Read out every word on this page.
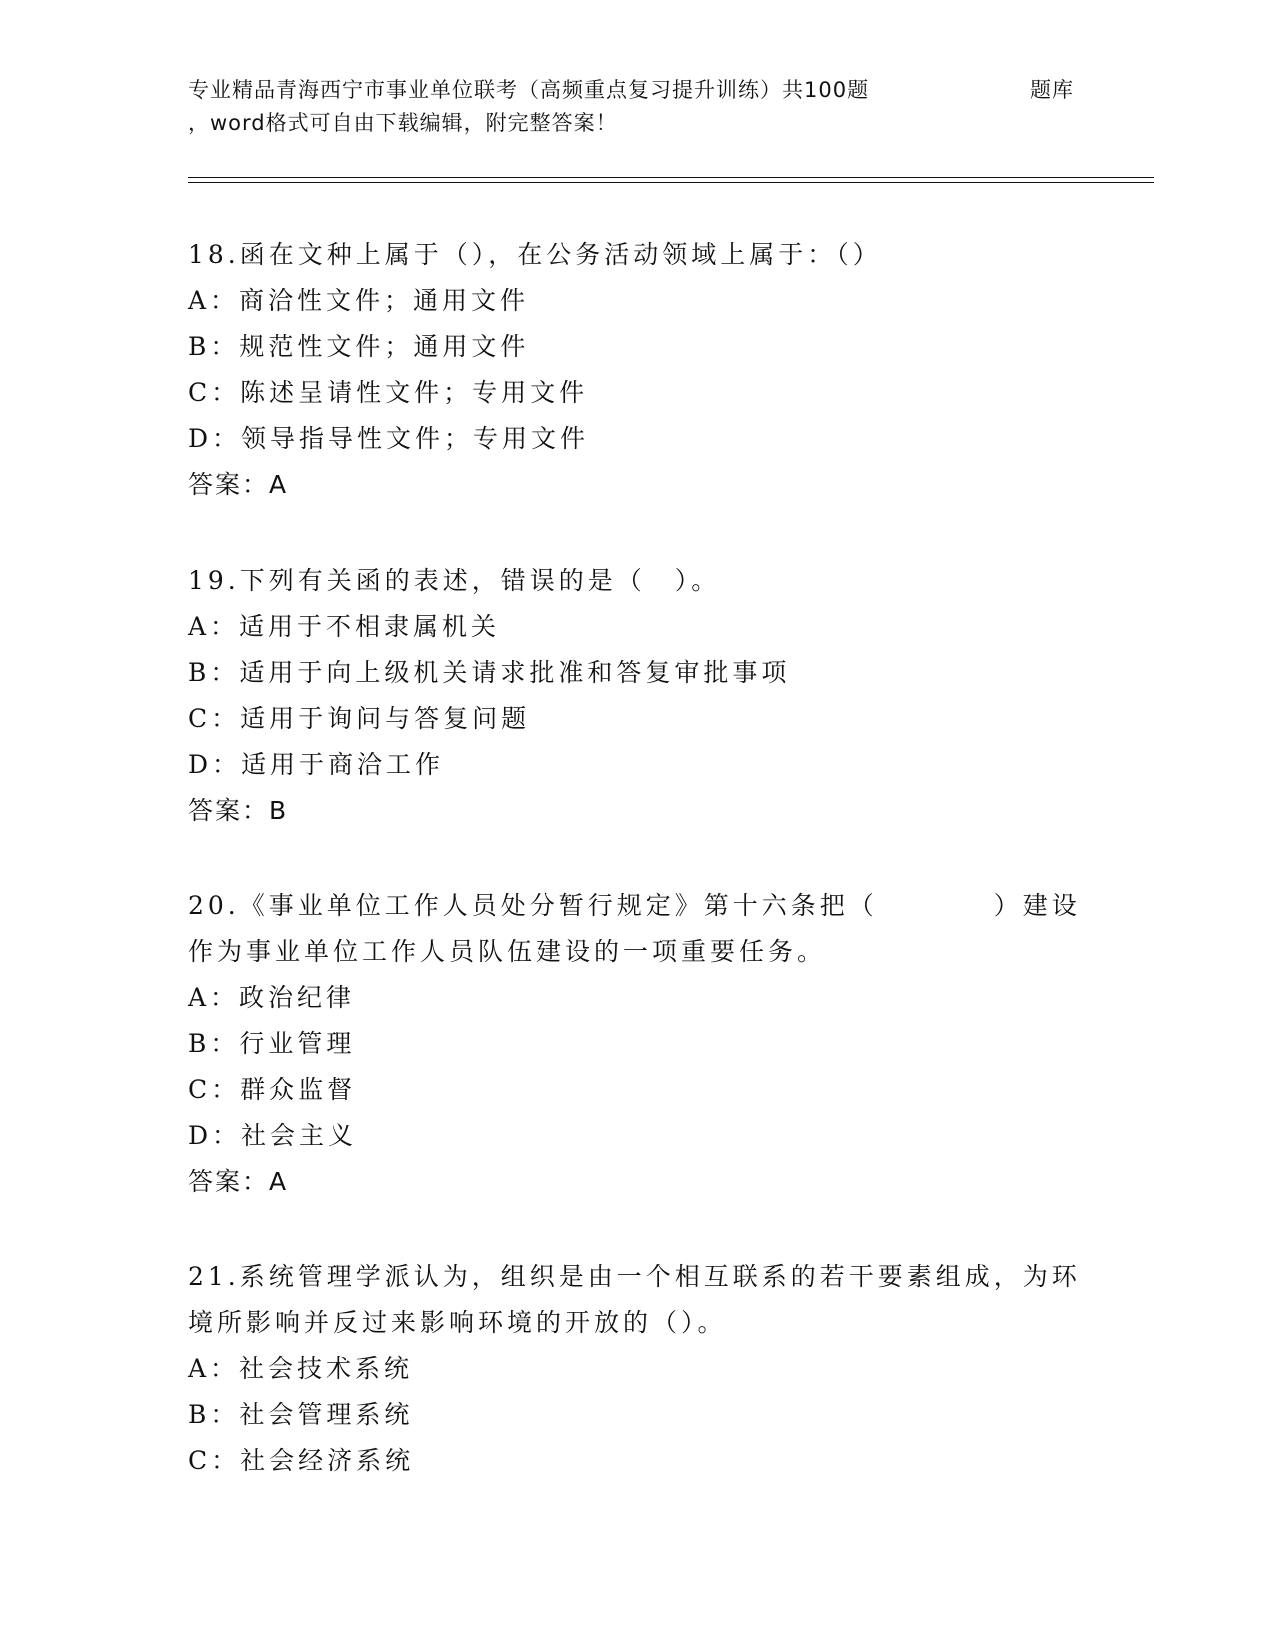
专业精品青海西宁市事业单位联考（高频重点复习提升训练）共100题	题库
，word格式可自由下载编辑，附完整答案！
18.函在文种上属于（），在公务活动领域上属于：（）
A：商洽性文件；通用文件
B：规范性文件；通用文件
C：陈述呈请性文件；专用文件
D：领导指导性文件；专用文件
答案：A
19.下列有关函的表述，错误的是（　）。
A：适用于不相隶属机关
B：适用于向上级机关请求批准和答复审批事项
C：适用于询问与答复问题
D：适用于商洽工作
答案：B
20.《事业单位工作人员处分暂行规定》第十六条把（　　　　）建设
作为事业单位工作人员队伍建设的一项重要任务。
A：政治纪律
B：行业管理
C：群众监督
D：社会主义
答案：A
21.系统管理学派认为，组织是由一个相互联系的若干要素组成，为环
境所影响并反过来影响环境的开放的（）。
A：社会技术系统
B：社会管理系统
C：社会经济系统
